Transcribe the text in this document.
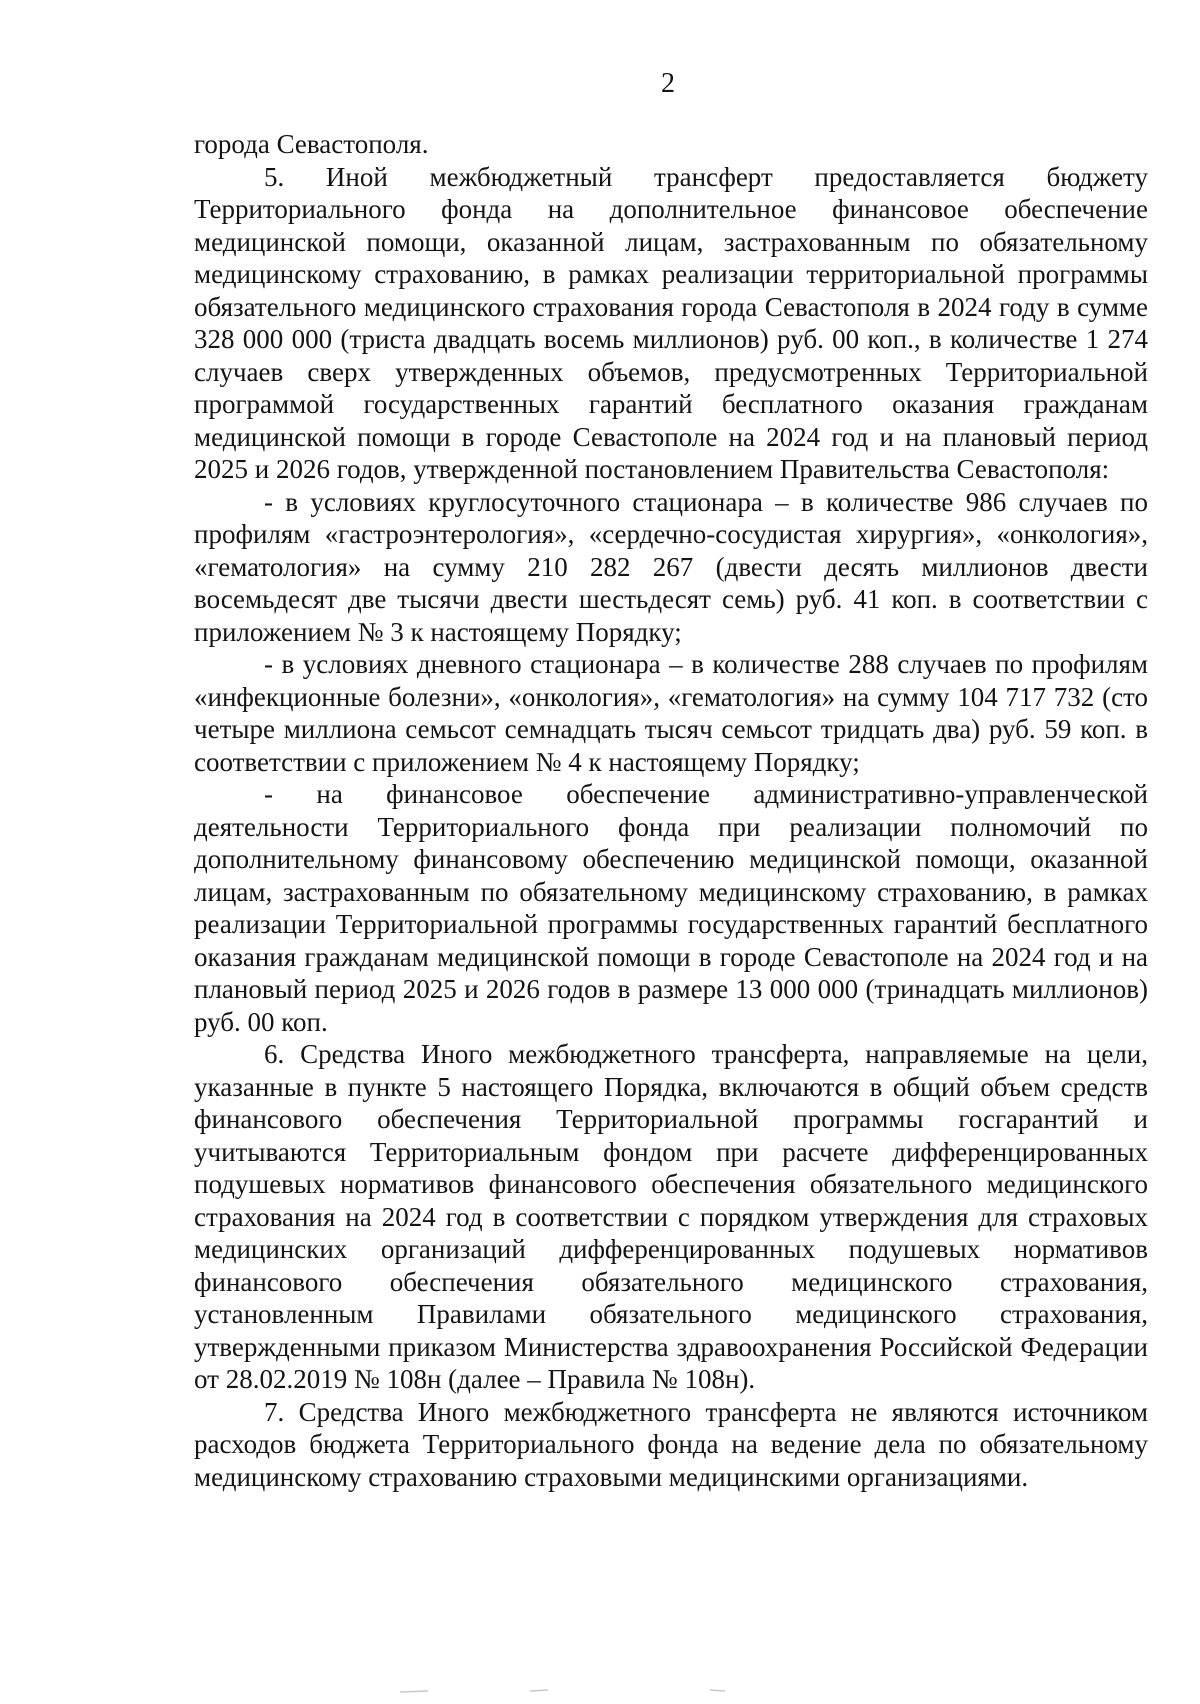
2

города Севастополя.

5. Иной межбюджетный трансферт предоставляется бюджету Территориального фонда на дополнительное финансовое обеспечение медицинской помощи, оказанной лицам, застрахованным по обязательному медицинскому страхованию, в рамках реализации территориальной программы обязательного медицинского страхования города Севастополя в 2024 году в сумме 328 000 000 (триста двадцать восемь миллионов) руб. 00 коп., в количестве 1 274 случаев сверх утвержденных объемов, предусмотренных Территориальной программой государственных гарантий бесплатного оказания гражданам медицинской помощи в городе Севастополе на 2024 год и на плановый период 2025 и 2026 годов, утвержденной постановлением Правительства Севастополя:

- в условиях круглосуточного стационара – в количестве 986 случаев по профилям «гастроэнтерология», «сердечно-сосудистая хирургия», «онкология», «гематология» на сумму 210 282 267 (двести десять миллионов двести восемьдесят две тысячи двести шестьдесят семь) руб. 41 коп. в соответствии с приложением № 3 к настоящему Порядку;

- в условиях дневного стационара – в количестве 288 случаев по профилям «инфекционные болезни», «онкология», «гематология» на сумму 104 717 732 (сто четыре миллиона семьсот семнадцать тысяч семьсот тридцать два) руб. 59 коп. в соответствии с приложением № 4 к настоящему Порядку;

- на финансовое обеспечение административно-управленческой деятельности Территориального фонда при реализации полномочий по дополнительному финансовому обеспечению медицинской помощи, оказанной лицам, застрахованным по обязательному медицинскому страхованию, в рамках реализации Территориальной программы государственных гарантий бесплатного оказания гражданам медицинской помощи в городе Севастополе на 2024 год и на плановый период 2025 и 2026 годов в размере 13 000 000 (тринадцать миллионов) руб. 00 коп.

6. Средства Иного межбюджетного трансферта, направляемые на цели, указанные в пункте 5 настоящего Порядка, включаются в общий объем средств финансового обеспечения Территориальной программы госгарантий и учитываются Территориальным фондом при расчете дифференцированных подушевых нормативов финансового обеспечения обязательного медицинского страхования на 2024 год в соответствии с порядком утверждения для страховых медицинских организаций дифференцированных подушевых нормативов финансового обеспечения обязательного медицинского страхования, установленным Правилами обязательного медицинского страхования, утвержденными приказом Министерства здравоохранения Российской Федерации от 28.02.2019 № 108н (далее – Правила № 108н).

7. Средства Иного межбюджетного трансферта не являются источником расходов бюджета Территориального фонда на ведение дела по обязательному медицинскому страхованию страховыми медицинскими организациями.
